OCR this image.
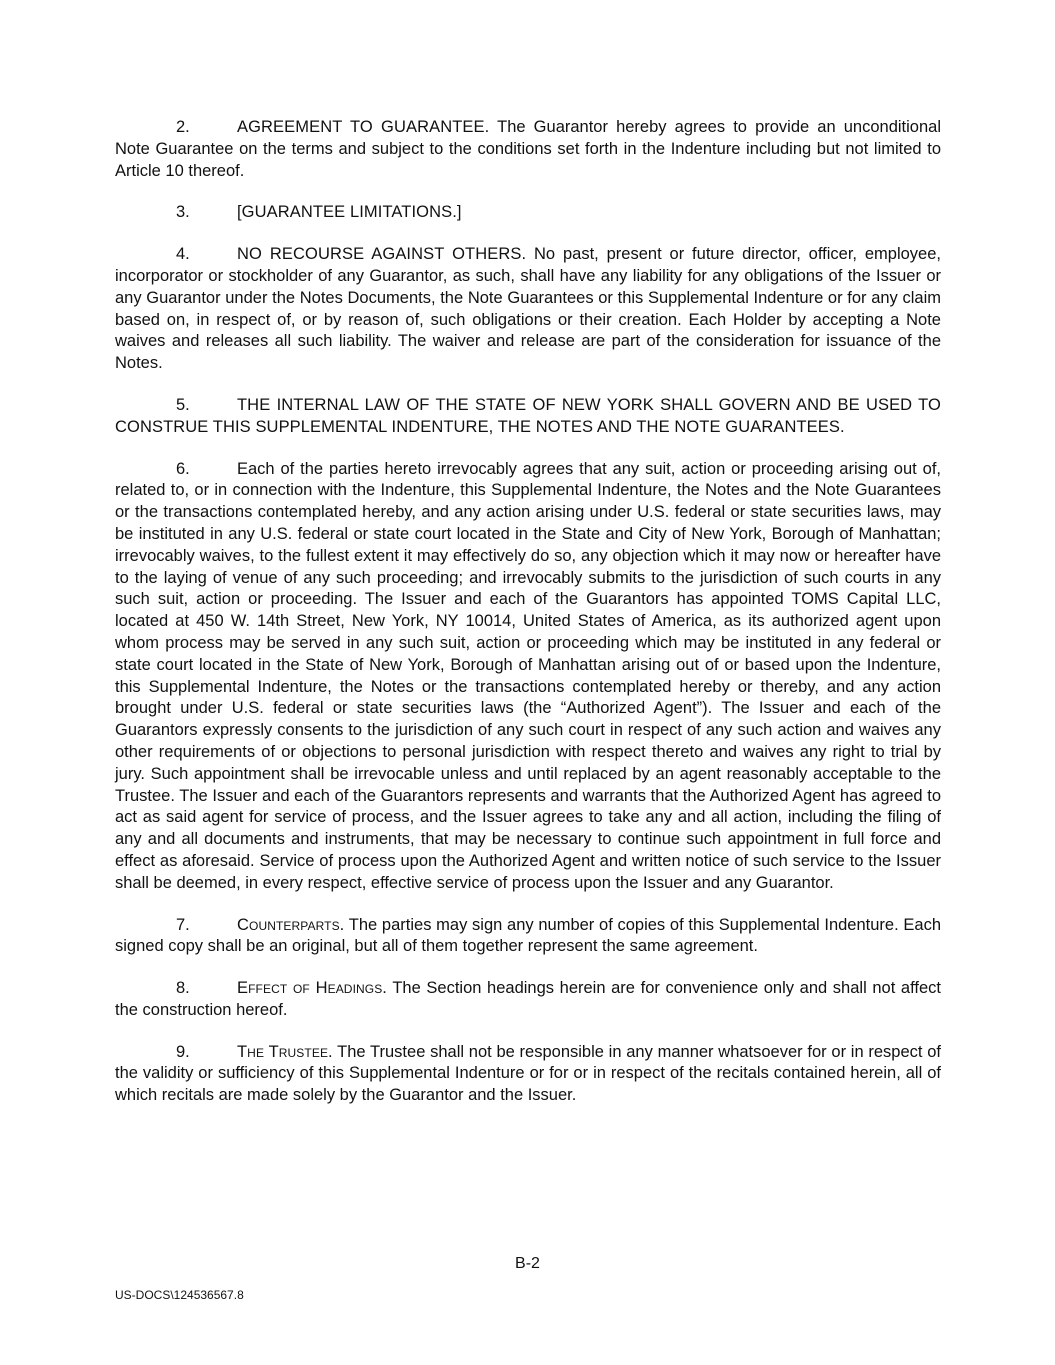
2.	AGREEMENT TO GUARANTEE. The Guarantor hereby agrees to provide an unconditional Note Guarantee on the terms and subject to the conditions set forth in the Indenture including but not limited to Article 10 thereof.

3.	[GUARANTEE LIMITATIONS.]

4.	NO RECOURSE AGAINST OTHERS. No past, present or future director, officer, employee, incorporator or stockholder of any Guarantor, as such, shall have any liability for any obligations of the Issuer or any Guarantor under the Notes Documents, the Note Guarantees or this Supplemental Indenture or for any claim based on, in respect of, or by reason of, such obligations or their creation. Each Holder by accepting a Note waives and releases all such liability. The waiver and release are part of the consideration for issuance of the Notes.

5.	THE INTERNAL LAW OF THE STATE OF NEW YORK SHALL GOVERN AND BE USED TO CONSTRUE THIS SUPPLEMENTAL INDENTURE, THE NOTES AND THE NOTE GUARANTEES.

6.	Each of the parties hereto irrevocably agrees that any suit, action or proceeding arising out of, related to, or in connection with the Indenture, this Supplemental Indenture, the Notes and the Note Guarantees or the transactions contemplated hereby, and any action arising under U.S. federal or state securities laws, may be instituted in any U.S. federal or state court located in the State and City of New York, Borough of Manhattan; irrevocably waives, to the fullest extent it may effectively do so, any objection which it may now or hereafter have to the laying of venue of any such proceeding; and irrevocably submits to the jurisdiction of such courts in any such suit, action or proceeding. The Issuer and each of the Guarantors has appointed TOMS Capital LLC, located at 450 W. 14th Street, New York, NY 10014, United States of America, as its authorized agent upon whom process may be served in any such suit, action or proceeding which may be instituted in any federal or state court located in the State of New York, Borough of Manhattan arising out of or based upon the Indenture, this Supplemental Indenture, the Notes or the transactions contemplated hereby or thereby, and any action brought under U.S. federal or state securities laws (the “Authorized Agent”). The Issuer and each of the Guarantors expressly consents to the jurisdiction of any such court in respect of any such action and waives any other requirements of or objections to personal jurisdiction with respect thereto and waives any right to trial by jury. Such appointment shall be irrevocable unless and until replaced by an agent reasonably acceptable to the Trustee. The Issuer and each of the Guarantors represents and warrants that the Authorized Agent has agreed to act as said agent for service of process, and the Issuer agrees to take any and all action, including the filing of any and all documents and instruments, that may be necessary to continue such appointment in full force and effect as aforesaid. Service of process upon the Authorized Agent and written notice of such service to the Issuer shall be deemed, in every respect, effective service of process upon the Issuer and any Guarantor.

7.	Counterparts. The parties may sign any number of copies of this Supplemental Indenture. Each signed copy shall be an original, but all of them together represent the same agreement.

8.	Effect of Headings. The Section headings herein are for convenience only and shall not affect the construction hereof.

9.	The Trustee. The Trustee shall not be responsible in any manner whatsoever for or in respect of the validity or sufficiency of this Supplemental Indenture or for or in respect of the recitals contained herein, all of which recitals are made solely by the Guarantor and the Issuer.

B-2
US-DOCS\124536567.8
